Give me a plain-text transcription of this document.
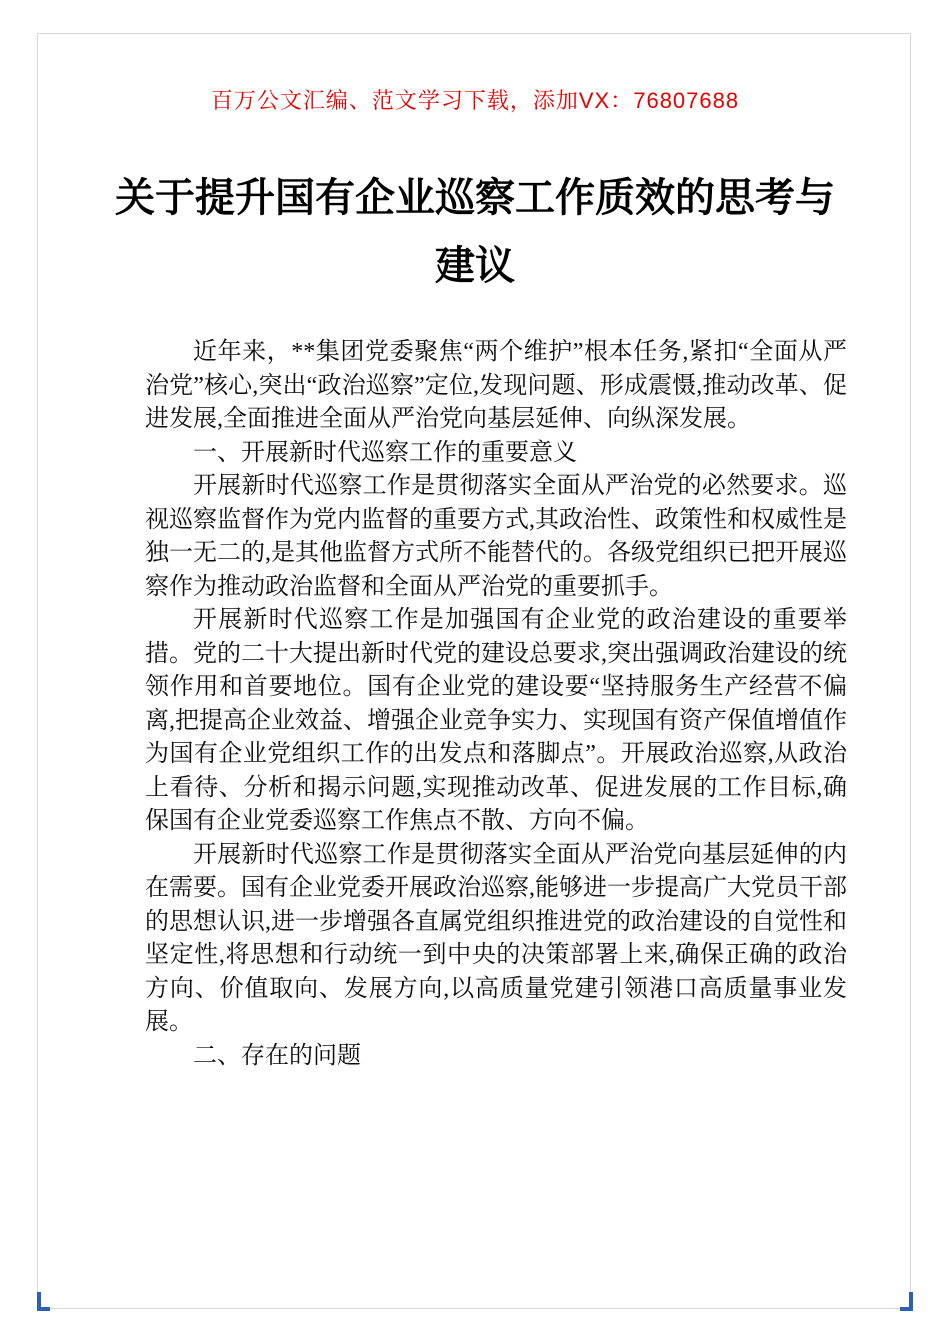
百万公文汇编、范文学习下载，添加VX：76807688
关于提升国有企业巡察工作质效的思考与
建议

近年来，**集团党委聚焦“两个维护”根本任务,紧扣“全面从严治党”核心,突出“政治巡察”定位,发现问题、形成震慑,推动改革、促进发展,全面推进全面从严治党向基层延伸、向纵深发展。

一、开展新时代巡察工作的重要意义

开展新时代巡察工作是贯彻落实全面从严治党的必然要求。巡视巡察监督作为党内监督的重要方式,其政治性、政策性和权威性是独一无二的,是其他监督方式所不能替代的。各级党组织已把开展巡察作为推动政治监督和全面从严治党的重要抓手。

开展新时代巡察工作是加强国有企业党的政治建设的重要举措。党的二十大提出新时代党的建设总要求,突出强调政治建设的统领作用和首要地位。国有企业党的建设要“坚持服务生产经营不偏离,把提高企业效益、增强企业竞争实力、实现国有资产保值增值作为国有企业党组织工作的出发点和落脚点”。开展政治巡察,从政治上看待、分析和揭示问题,实现推动改革、促进发展的工作目标,确保国有企业党委巡察工作焦点不散、方向不偏。

开展新时代巡察工作是贯彻落实全面从严治党向基层延伸的内在需要。国有企业党委开展政治巡察,能够进一步提高广大党员干部的思想认识,进一步增强各直属党组织推进党的政治建设的自觉性和坚定性,将思想和行动统一到中央的决策部署上来,确保正确的政治方向、价值取向、发展方向,以高质量党建引领港口高质量事业发展。

二、存在的问题
